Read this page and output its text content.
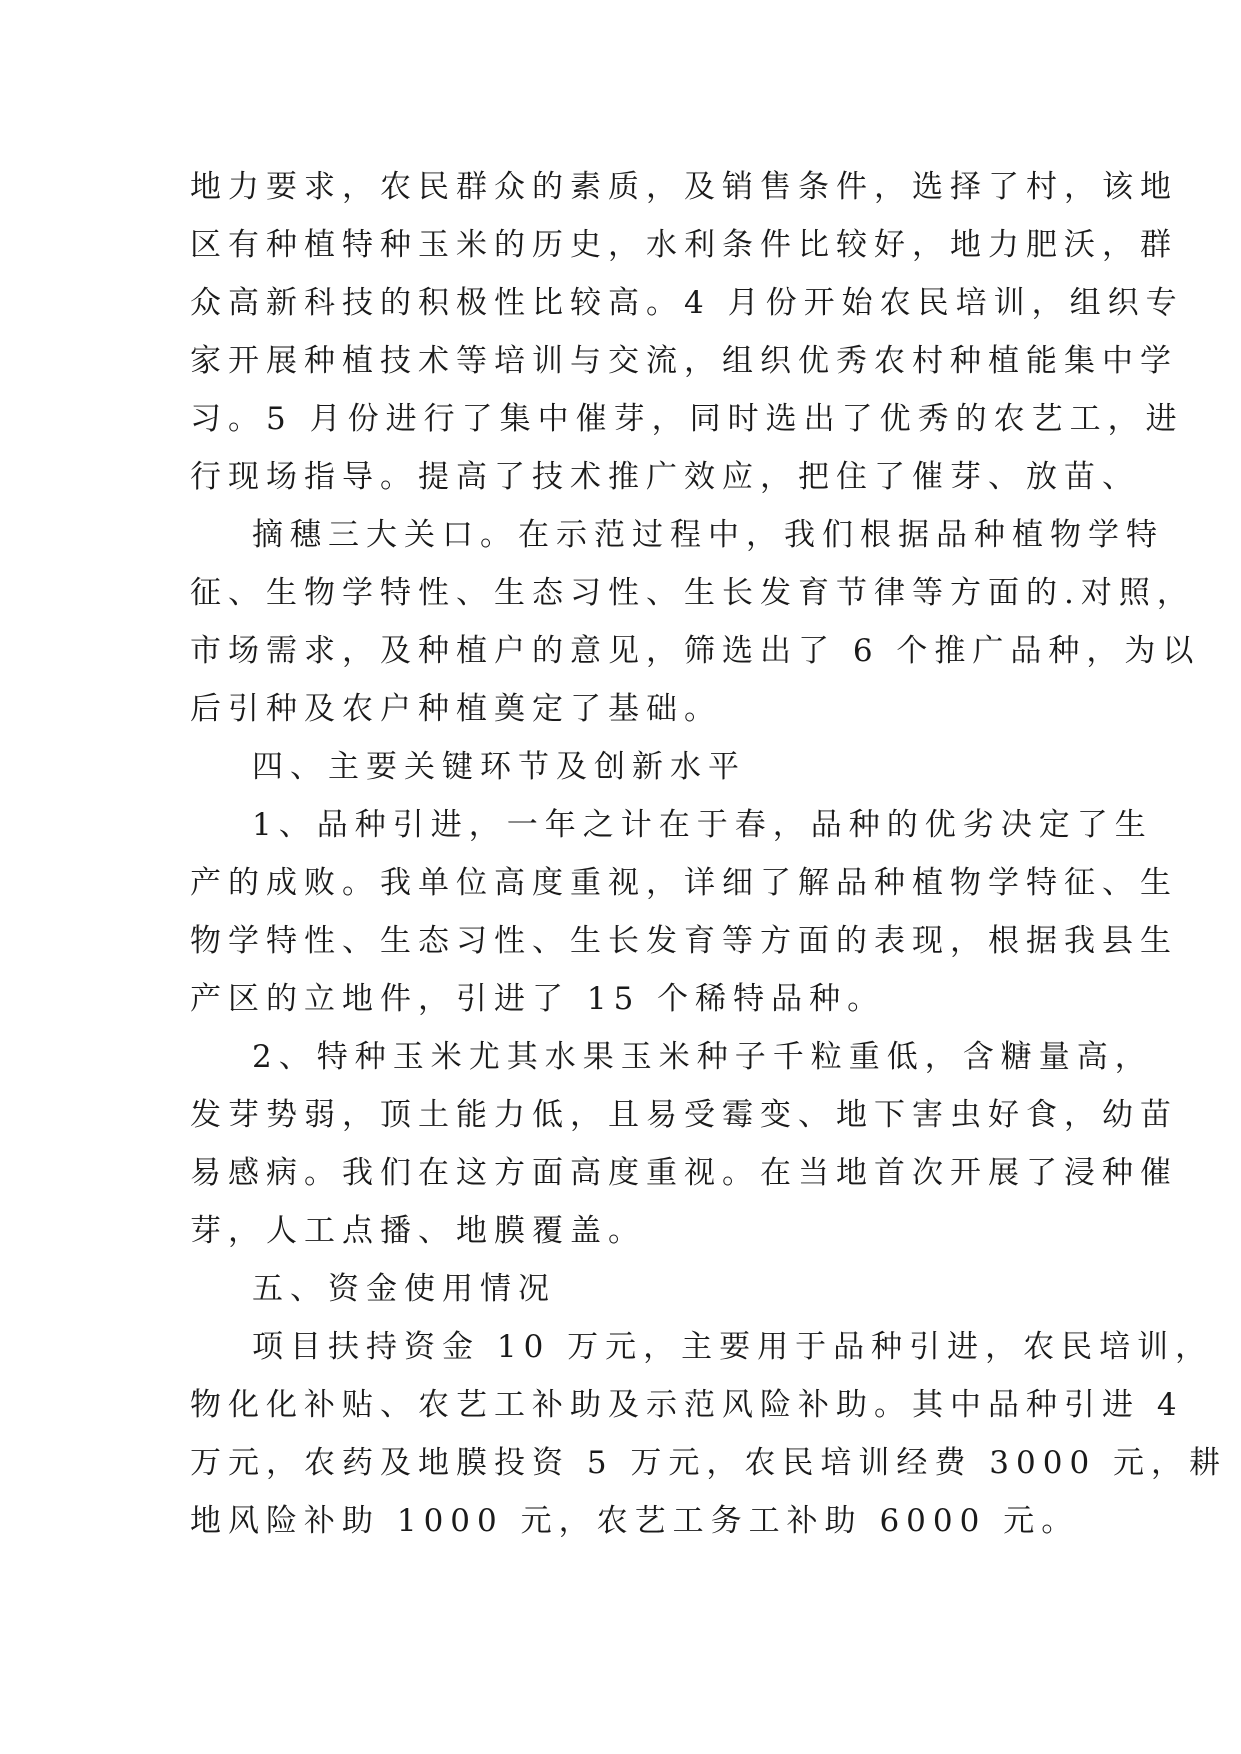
地力要求，农民群众的素质，及销售条件，选择了村，该地
区有种植特种玉米的历史，水利条件比较好，地力肥沃，群
众高新科技的积极性比较高。4 月份开始农民培训，组织专
家开展种植技术等培训与交流，组织优秀农村种植能集中学
习。5 月份进行了集中催芽，同时选出了优秀的农艺工，进
行现场指导。提高了技术推广效应，把住了催芽、放苗、
摘穗三大关口。在示范过程中，我们根据品种植物学特
征、生物学特性、生态习性、生长发育节律等方面的.对照，
市场需求，及种植户的意见，筛选出了 6 个推广品种，为以
后引种及农户种植奠定了基础。
四、主要关键环节及创新水平
1、品种引进，一年之计在于春，品种的优劣决定了生
产的成败。我单位高度重视，详细了解品种植物学特征、生
物学特性、生态习性、生长发育等方面的表现，根据我县生
产区的立地件，引进了 15 个稀特品种。
2、特种玉米尤其水果玉米种子千粒重低，含糖量高，
发芽势弱，顶土能力低，且易受霉变、地下害虫好食，幼苗
易感病。我们在这方面高度重视。在当地首次开展了浸种催
芽，人工点播、地膜覆盖。
五、资金使用情况
项目扶持资金 10 万元，主要用于品种引进，农民培训，
物化化补贴、农艺工补助及示范风险补助。其中品种引进 4
万元，农药及地膜投资 5 万元，农民培训经费 3000 元，耕
地风险补助 1000 元，农艺工务工补助 6000 元。
